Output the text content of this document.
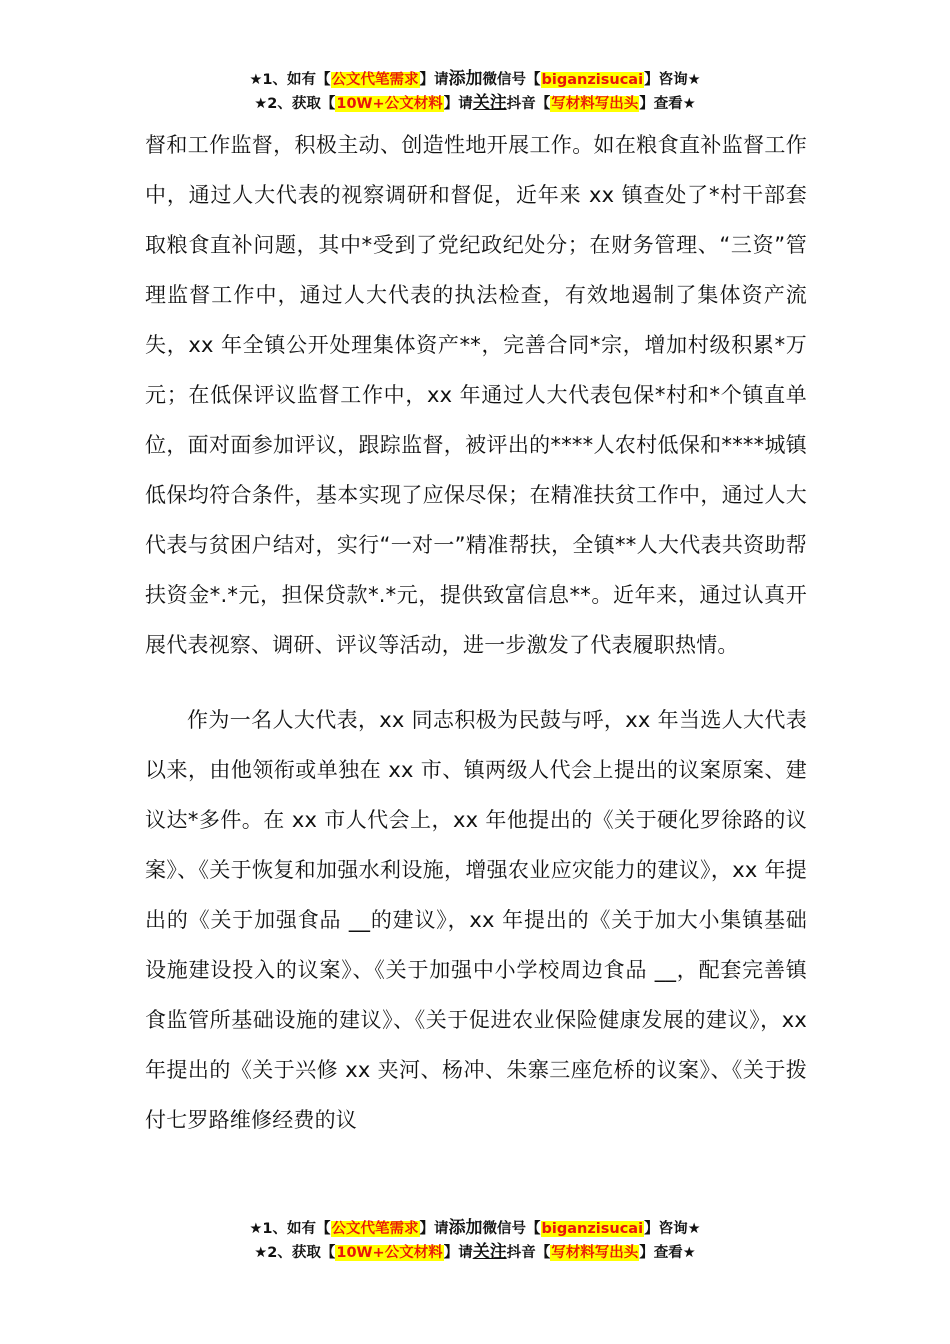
★1、如有【公文代笔需求】请添加微信号【biganzisucai】咨询★
★2、获取【10W+公文材料】请关注抖音【写材料写出头】查看★

督和工作监督，积极主动、创造性地开展工作。如在粮食直补监督工作中，通过人大代表的视察调研和督促，近年来 xx 镇查处了*村干部套取粮食直补问题，其中*受到了党纪政纪处分；在财务管理、“三资”管理监督工作中，通过人大代表的执法检查，有效地遏制了集体资产流失，xx 年全镇公开处理集体资产**，完善合同*宗，增加村级积累*万元；在低保评议监督工作中，xx 年通过人大代表包保*村和*个镇直单位，面对面参加评议，跟踪监督，被评出的****人农村低保和****城镇低保均符合条件，基本实现了应保尽保；在精准扶贫工作中，通过人大代表与贫困户结对，实行“一对一”精准帮扶，全镇**人大代表共资助帮扶资金*.*元，担保贷款*.*元，提供致富信息**。近年来，通过认真开展代表视察、调研、评议等活动，进一步激发了代表履职热情。

作为一名人大代表，xx 同志积极为民鼓与呼，xx 年当选人大代表以来，由他领衔或单独在 xx 市、镇两级人代会上提出的议案原案、建议达*多件。在 xx 市人代会上，xx 年他提出的《关于硬化罗徐路的议案》、《关于恢复和加强水利设施，增强农业应灾能力的建议》，xx 年提出的《关于加强食品 __的建议》，xx 年提出的《关于加大小集镇基础设施建设投入的议案》、《关于加强中小学校周边食品 __，配套完善镇食监管所基础设施的建议》、《关于促进农业保险健康发展的建议》，xx 年提出的《关于兴修 xx 夹河、杨冲、朱寨三座危桥的议案》、《关于拨付七罗路维修经费的议

★1、如有【公文代笔需求】请添加微信号【biganzisucai】咨询★
★2、获取【10W+公文材料】请关注抖音【写材料写出头】查看★
